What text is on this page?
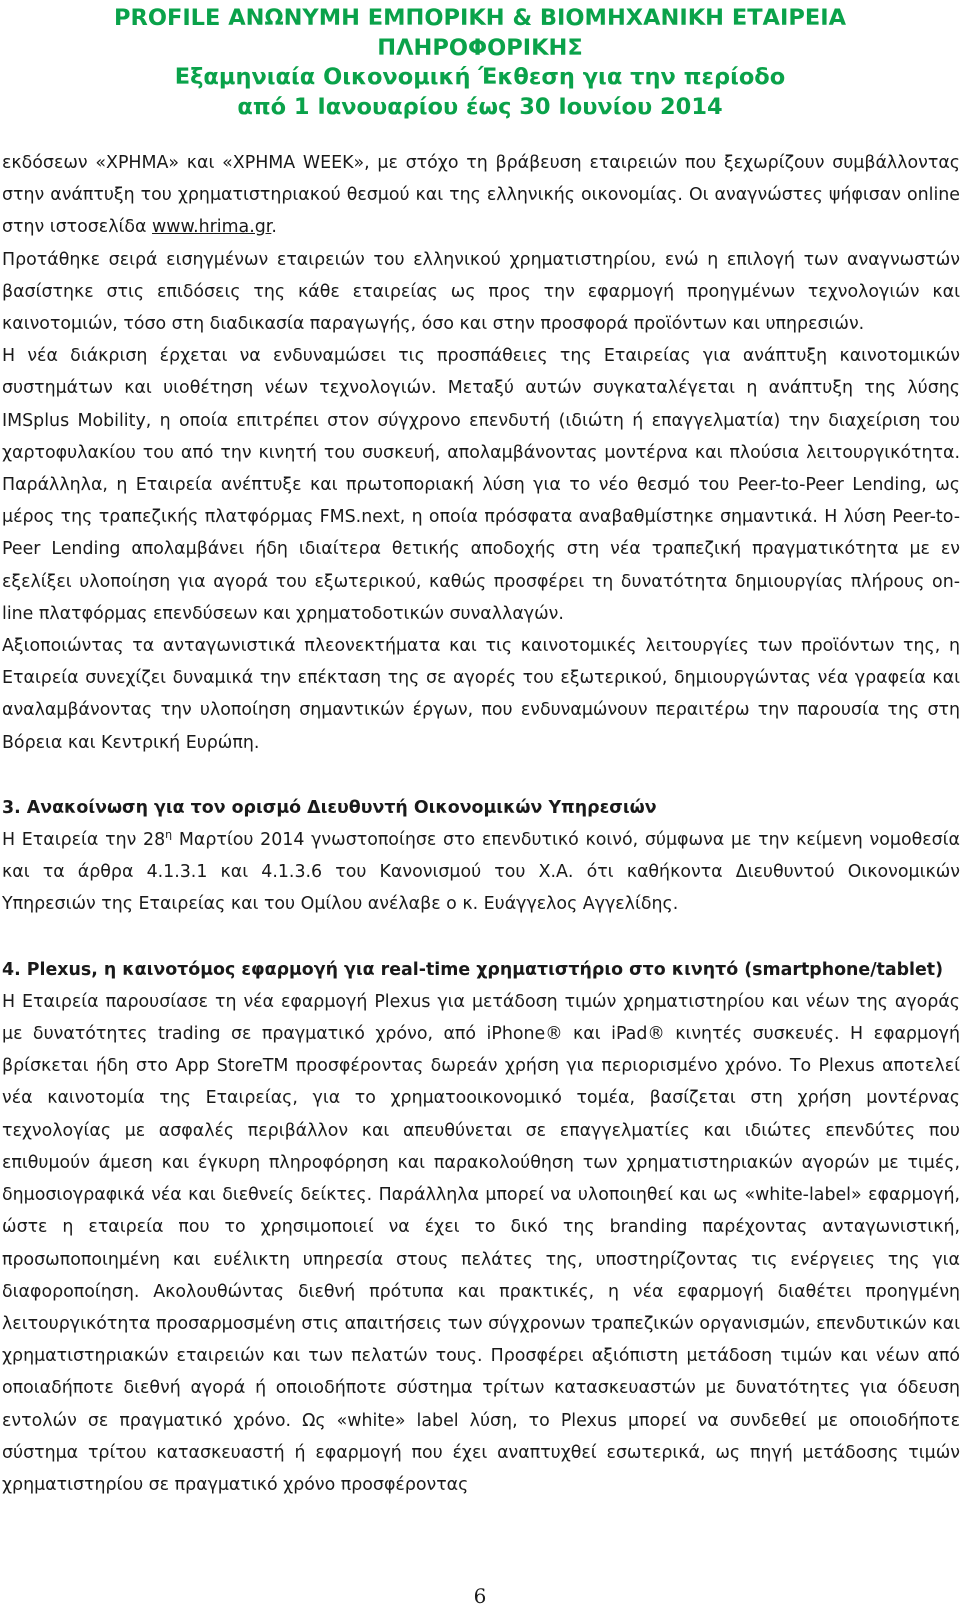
PROFILE ΑΝΩΝΥΜΗ ΕΜΠΟΡΙΚΗ & ΒΙΟΜΗΧΑΝΙΚΗ ΕΤΑΙΡΕΙΑ
ΠΛΗΡΟΦΟΡΙΚΗΣ
Εξαμηνιαία Οικονομική Έκθεση για την περίοδο
από 1 Ιανουαρίου έως 30 Ιουνίου 2014

εκδόσεων «ΧΡΗΜΑ» και «ΧΡΗΜΑ WEEK», με στόχο τη βράβευση εταιρειών που ξεχωρίζουν συμβάλλοντας στην ανάπτυξη του χρηματιστηριακού θεσμού και της ελληνικής οικονομίας. Οι αναγνώστες ψήφισαν online στην ιστοσελίδα www.hrima.gr.

Προτάθηκε σειρά εισηγμένων εταιρειών του ελληνικού χρηματιστηρίου, ενώ η επιλογή των αναγνωστών βασίστηκε στις επιδόσεις της κάθε εταιρείας ως προς την εφαρμογή προηγμένων τεχνολογιών και καινοτομιών, τόσο στη διαδικασία παραγωγής, όσο και στην προσφορά προϊόντων και υπηρεσιών.

Η νέα διάκριση έρχεται να ενδυναμώσει τις προσπάθειες της Εταιρείας για ανάπτυξη καινοτομικών συστημάτων και υιοθέτηση νέων τεχνολογιών. Μεταξύ αυτών συγκαταλέγεται η ανάπτυξη της λύσης IMSplus Mobility, η οποία επιτρέπει στον σύγχρονο επενδυτή (ιδιώτη ή επαγγελματία) την διαχείριση του χαρτοφυλακίου του από την κινητή του συσκευή, απολαμβάνοντας μοντέρνα και πλούσια λειτουργικότητα. Παράλληλα, η Εταιρεία ανέπτυξε και πρωτοποριακή λύση για το νέο θεσμό του Peer-to-Peer Lending, ως μέρος της τραπεζικής πλατφόρμας FMS.next, η οποία πρόσφατα αναβαθμίστηκε σημαντικά. Η λύση Peer-to-Peer Lending απολαμβάνει ήδη ιδιαίτερα θετικής αποδοχής στη νέα τραπεζική πραγματικότητα με εν εξελίξει υλοποίηση για αγορά του εξωτερικού, καθώς προσφέρει τη δυνατότητα δημιουργίας πλήρους on-line πλατφόρμας επενδύσεων και χρηματοδοτικών συναλλαγών.

Αξιοποιώντας τα ανταγωνιστικά πλεονεκτήματα και τις καινοτομικές λειτουργίες των προϊόντων της, η Εταιρεία συνεχίζει δυναμικά την επέκταση της σε αγορές του εξωτερικού, δημιουργώντας νέα γραφεία και αναλαμβάνοντας την υλοποίηση σημαντικών έργων, που ενδυναμώνουν περαιτέρω την παρουσία της στη Βόρεια και Κεντρική Ευρώπη.

3. Ανακοίνωση για τον ορισμό Διευθυντή Οικονομικών Υπηρεσιών

Η Εταιρεία την $28^\eta$ Μαρτίου 2014 γνωστοποίησε στο επενδυτικό κοινό, σύμφωνα με την κείμενη νομοθεσία και τα άρθρα 4.1.3.1 και 4.1.3.6 του Κανονισμού του Χ.Α. ότι καθήκοντα Διευθυντού Οικονομικών Υπηρεσιών της Εταιρείας και του Ομίλου ανέλαβε ο κ. Ευάγγελος Αγγελίδης.

4. Plexus, η καινοτόμος εφαρμογή για real-time χρηματιστήριο στο κινητό (smartphone/tablet)

Η Εταιρεία παρουσίασε τη νέα εφαρμογή Plexus για μετάδοση τιμών χρηματιστηρίου και νέων της αγοράς με δυνατότητες trading σε πραγματικό χρόνο, από iPhone® και iPad® κινητές συσκευές. Η εφαρμογή βρίσκεται ήδη στο App StoreTM προσφέροντας δωρεάν χρήση για περιορισμένο χρόνο. Το Plexus αποτελεί νέα καινοτομία της Εταιρείας, για το χρηματοοικονομικό τομέα, βασίζεται στη χρήση μοντέρνας τεχνολογίας με ασφαλές περιβάλλον και απευθύνεται σε επαγγελματίες και ιδιώτες επενδύτες που επιθυμούν άμεση και έγκυρη πληροφόρηση και παρακολούθηση των χρηματιστηριακών αγορών με τιμές, δημοσιογραφικά νέα και διεθνείς δείκτες. Παράλληλα μπορεί να υλοποιηθεί και ως «white-label» εφαρμογή, ώστε η εταιρεία που το χρησιμοποιεί να έχει το δικό της branding παρέχοντας ανταγωνιστική, προσωποποιημένη και ευέλικτη υπηρεσία στους πελάτες της, υποστηρίζοντας τις ενέργειες της για διαφοροποίηση. Ακολουθώντας διεθνή πρότυπα και πρακτικές, η νέα εφαρμογή διαθέτει προηγμένη λειτουργικότητα προσαρμοσμένη στις απαιτήσεις των σύγχρονων τραπεζικών οργανισμών, επενδυτικών και χρηματιστηριακών εταιρειών και των πελατών τους. Προσφέρει αξιόπιστη μετάδοση τιμών και νέων από οποιαδήποτε διεθνή αγορά ή οποιοδήποτε σύστημα τρίτων κατασκευαστών με δυνατότητες για όδευση εντολών σε πραγματικό χρόνο. Ως «white» label λύση, το Plexus μπορεί να συνδεθεί με οποιοδήποτε σύστημα τρίτου κατασκευαστή ή εφαρμογή που έχει αναπτυχθεί εσωτερικά, ως πηγή μετάδοσης τιμών χρηματιστηρίου σε πραγματικό χρόνο προσφέροντας

6
